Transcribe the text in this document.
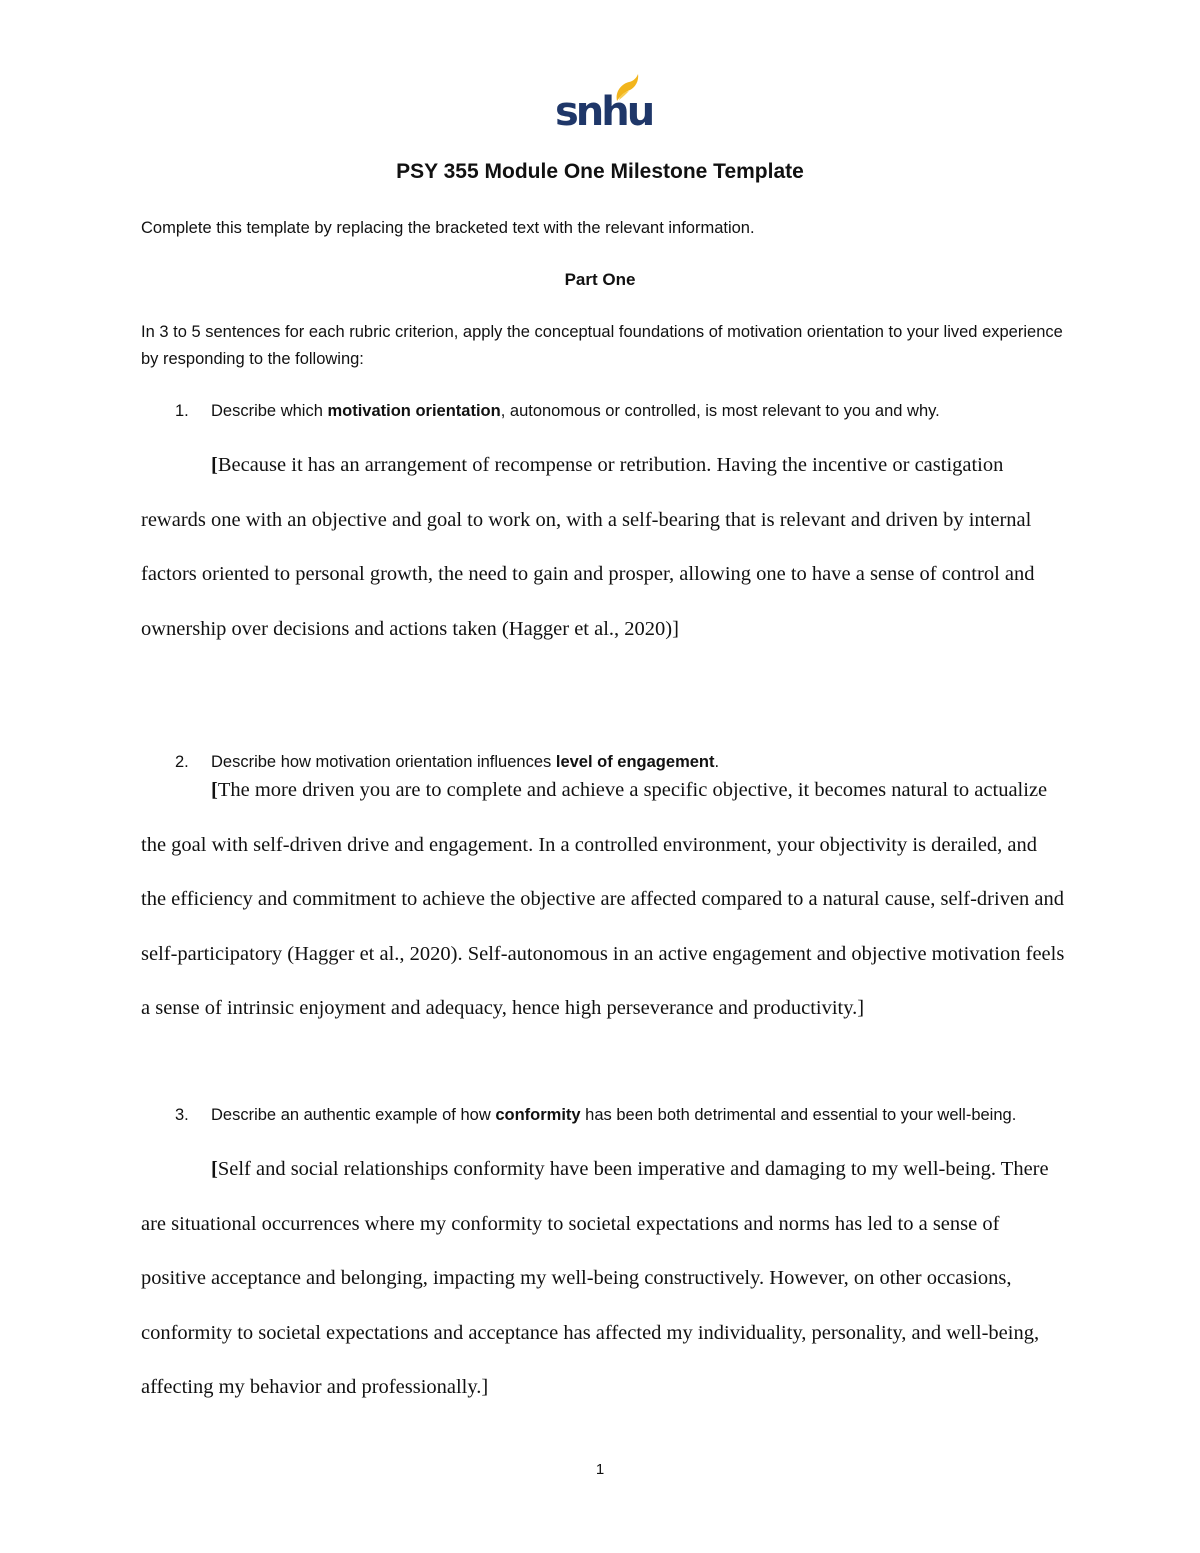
snhu
PSY 355 Module One Milestone Template
Complete this template by replacing the bracketed text with the relevant information.
Part One
In 3 to 5 sentences for each rubric criterion, apply the conceptual foundations of motivation orientation to your lived experience by responding to the following:
1. Describe which motivation orientation, autonomous or controlled, is most relevant to you and why.

[Because it has an arrangement of recompense or retribution. Having the incentive or castigation rewards one with an objective and goal to work on, with a self-bearing that is relevant and driven by internal factors oriented to personal growth, the need to gain and prosper, allowing one to have a sense of control and ownership over decisions and actions taken (Hagger et al., 2020)]

2. Describe how motivation orientation influences level of engagement.

[The more driven you are to complete and achieve a specific objective, it becomes natural to actualize the goal with self-driven drive and engagement. In a controlled environment, your objectivity is derailed, and the efficiency and commitment to achieve the objective are affected compared to a natural cause, self-driven and self-participatory (Hagger et al., 2020). Self-autonomous in an active engagement and objective motivation feels a sense of intrinsic enjoyment and adequacy, hence high perseverance and productivity.]

3. Describe an authentic example of how conformity has been both detrimental and essential to your well-being.

[Self and social relationships conformity have been imperative and damaging to my well-being. There are situational occurrences where my conformity to societal expectations and norms has led to a sense of positive acceptance and belonging, impacting my well-being constructively. However, on other occasions, conformity to societal expectations and acceptance has affected my individuality, personality, and well-being, affecting my behavior and professionally.]

1
